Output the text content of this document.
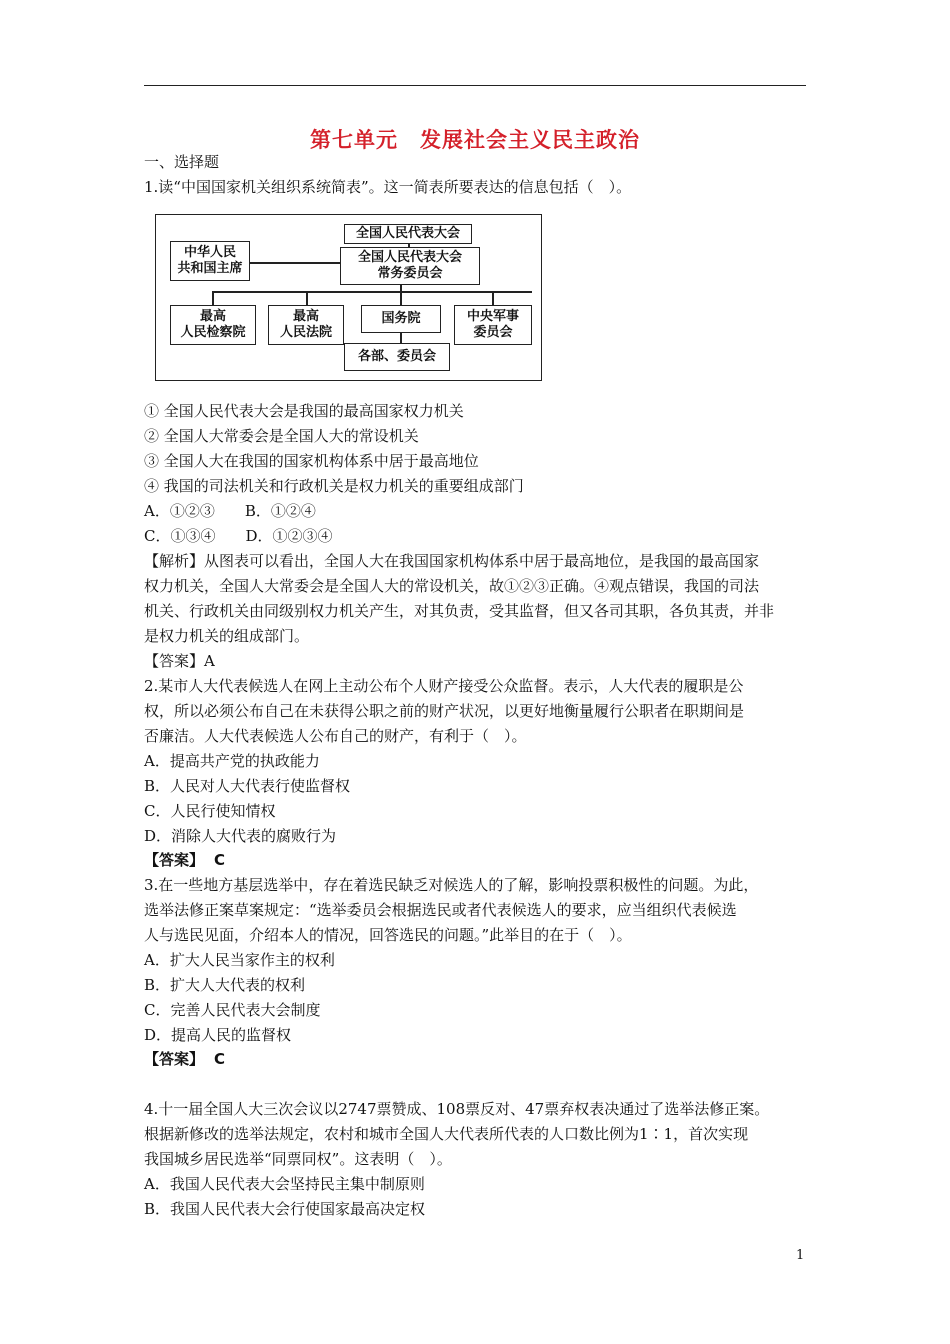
第七单元　发展社会主义民主政治
一、选择题
1.读“中国国家机关组织系统简表”。这一简表所要表达的信息包括（　）。
全国人民代表大会
中华人民
共和国主席
全国人民代表大会
常务委员会
最高
人民检察院
最高
人民法院
国务院	中央军事
委员会
各部、委员会
① 全国人民代表大会是我国的最高国家权力机关
② 全国人大常委会是全国人大的常设机关
③ 全国人大在我国的国家机构体系中居于最高地位
④ 我国的司法机关和行政机关是权力机关的重要组成部门
A．①②③　　B．①②④
C．①③④　　D．①②③④
【解析】从图表可以看出，全国人大在我国国家机构体系中居于最高地位，是我国的最高国家
权力机关，全国人大常委会是全国人大的常设机关，故①②③正确。④观点错误，我国的司法
机关、行政机关由同级别权力机关产生，对其负责，受其监督，但又各司其职，各负其责，并非
是权力机关的组成部门。
【答案】A
2.某市人大代表候选人在网上主动公布个人财产接受公众监督。表示，人大代表的履职是公
权，所以必须公布自己在未获得公职之前的财产状况，以更好地衡量履行公职者在职期间是
否廉洁。人大代表候选人公布自己的财产，有利于（　）。
A．提高共产党的执政能力
B．人民对人大代表行使监督权
C．人民行使知情权
D．消除人大代表的腐败行为
【答案】 C
3.在一些地方基层选举中，存在着选民缺乏对候选人的了解，影响投票积极性的问题。为此，
选举法修正案草案规定：“选举委员会根据选民或者代表候选人的要求，应当组织代表候选
人与选民见面，介绍本人的情况，回答选民的问题。”此举目的在于（　）。
A．扩大人民当家作主的权利
B．扩大人大代表的权利
C．完善人民代表大会制度
D．提高人民的监督权
【答案】 C
4.十一届全国人大三次会议以2747票赞成、108票反对、47票弃权表决通过了选举法修正案。
根据新修改的选举法规定，农村和城市全国人大代表所代表的人口数比例为1∶1，首次实现
我国城乡居民选举“同票同权”。这表明（　）。
A．我国人民代表大会坚持民主集中制原则
B．我国人民代表大会行使国家最高决定权
1
